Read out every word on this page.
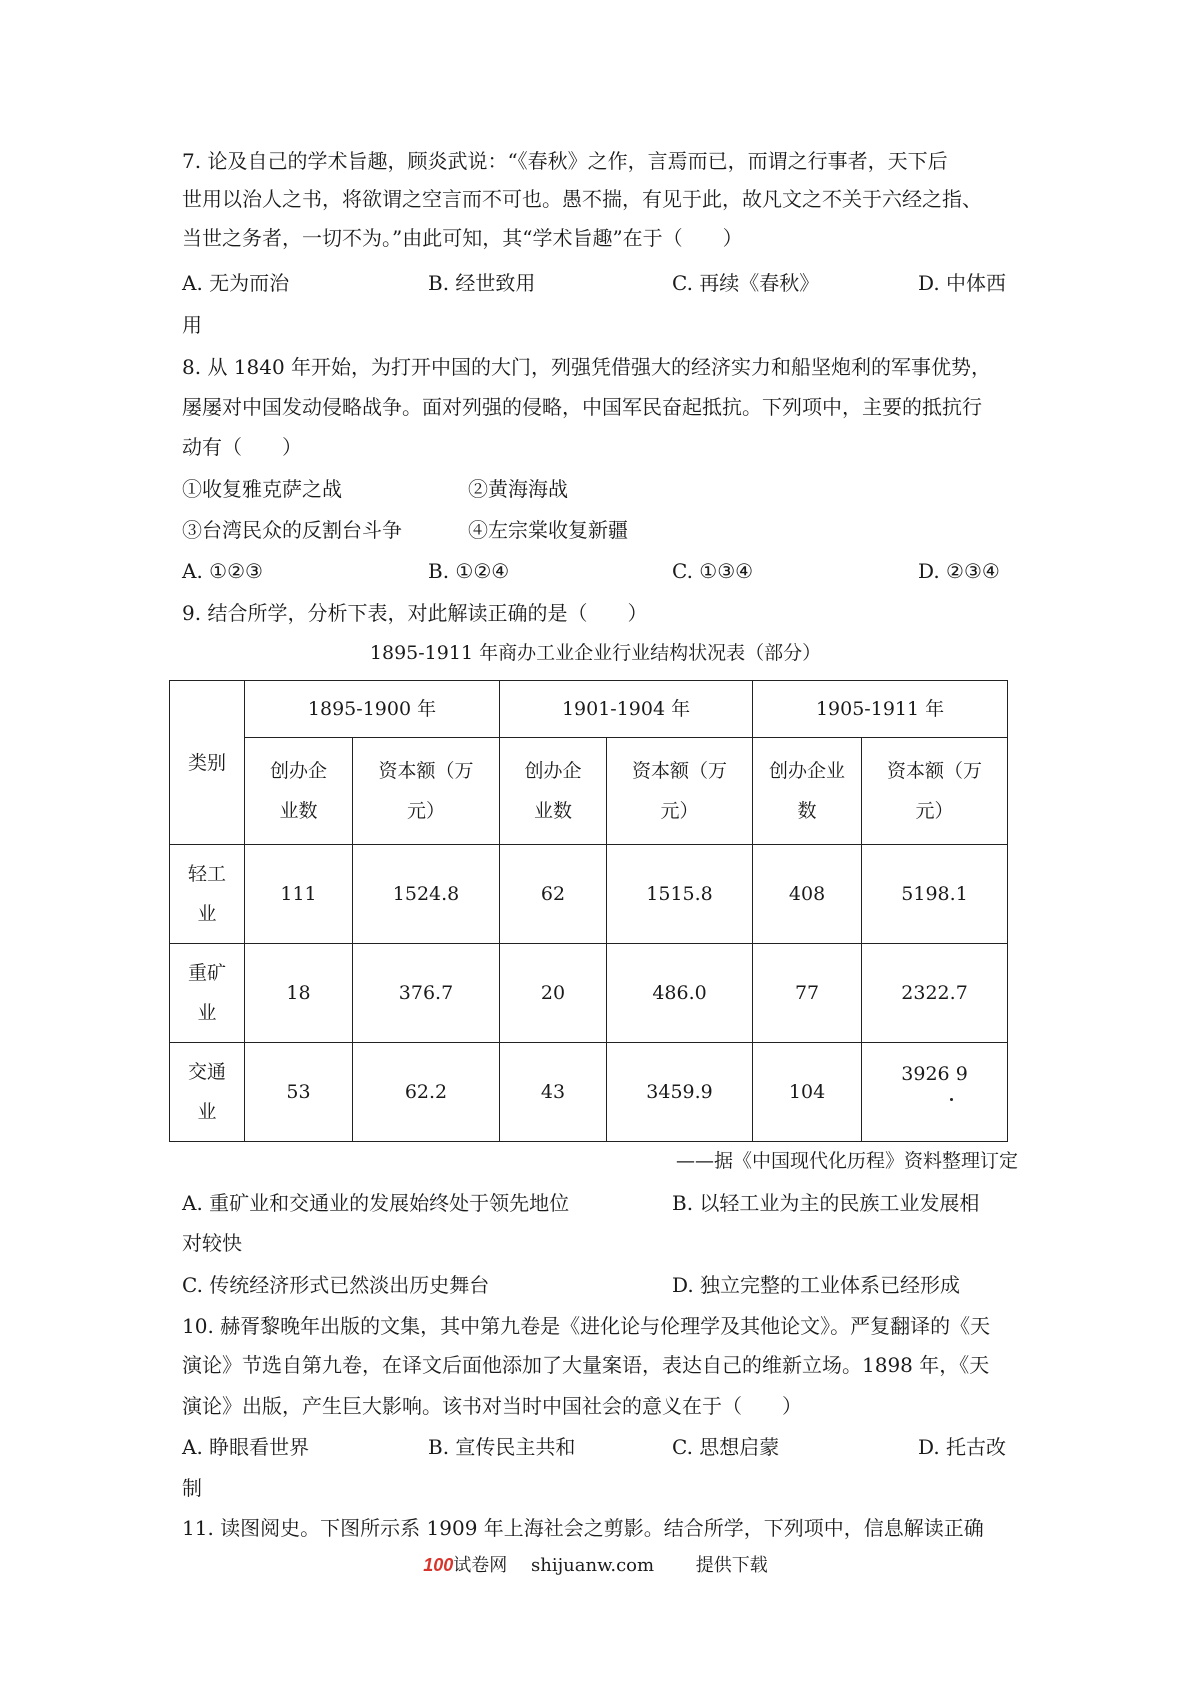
7. 论及自己的学术旨趣，顾炎武说：“《春秋》之作，言焉而已，而谓之行事者，天下后
世用以治人之书，将欲谓之空言而不可也。愚不揣，有见于此，故凡文之不关于六经之指、
当世之务者，一切不为。”由此可知，其“学术旨趣”在于（　　）
A. 无为而治	B. 经世致用	C. 再续《春秋》	D. 中体西
用
8. 从 1840 年开始，为打开中国的大门，列强凭借强大的经济实力和船坚炮利的军事优势，
屡屡对中国发动侵略战争。面对列强的侵略，中国军民奋起抵抗。下列项中，主要的抵抗行
动有（　　）
①收复雅克萨之战	②黄海海战
③台湾民众的反割台斗争	④左宗棠收复新疆
A. ①②③	B. ①②④	C. ①③④	D. ②③④
9. 结合所学，分析下表，对此解读正确的是（　　）
1895-1911 年商办工业企业行业结构状况表（部分）
类别	1895-1900 年		1901-1904 年		1905-1911 年	
	创办企业数	资本额（万元）	创办企业数	资本额（万元）	创办企业数	资本额（万元）
轻工业	111	1524.8	62	1515.8	408	5198.1
重矿业	18	376.7	20	486.0	77	2322.7
交通业	53	62.2	43	3459.9	104	3926 9
——据《中国现代化历程》资料整理订定
A. 重矿业和交通业的发展始终处于领先地位	B. 以轻工业为主的民族工业发展相
对较快
C. 传统经济形式已然淡出历史舞台	D. 独立完整的工业体系已经形成
10. 赫胥黎晚年出版的文集，其中第九卷是《进化论与伦理学及其他论文》。严复翻译的《天
演论》节选自第九卷，在译文后面他添加了大量案语，表达自己的维新立场。1898 年，《天
演论》出版，产生巨大影响。该书对当时中国社会的意义在于（　　）
A. 睁眼看世界	B. 宣传民主共和	C. 思想启蒙	D. 托古改
制
11. 读图阅史。下图所示系 1909 年上海社会之剪影。结合所学，下列项中，信息解读正确
100试卷网 shijuanw.com 提供下载
